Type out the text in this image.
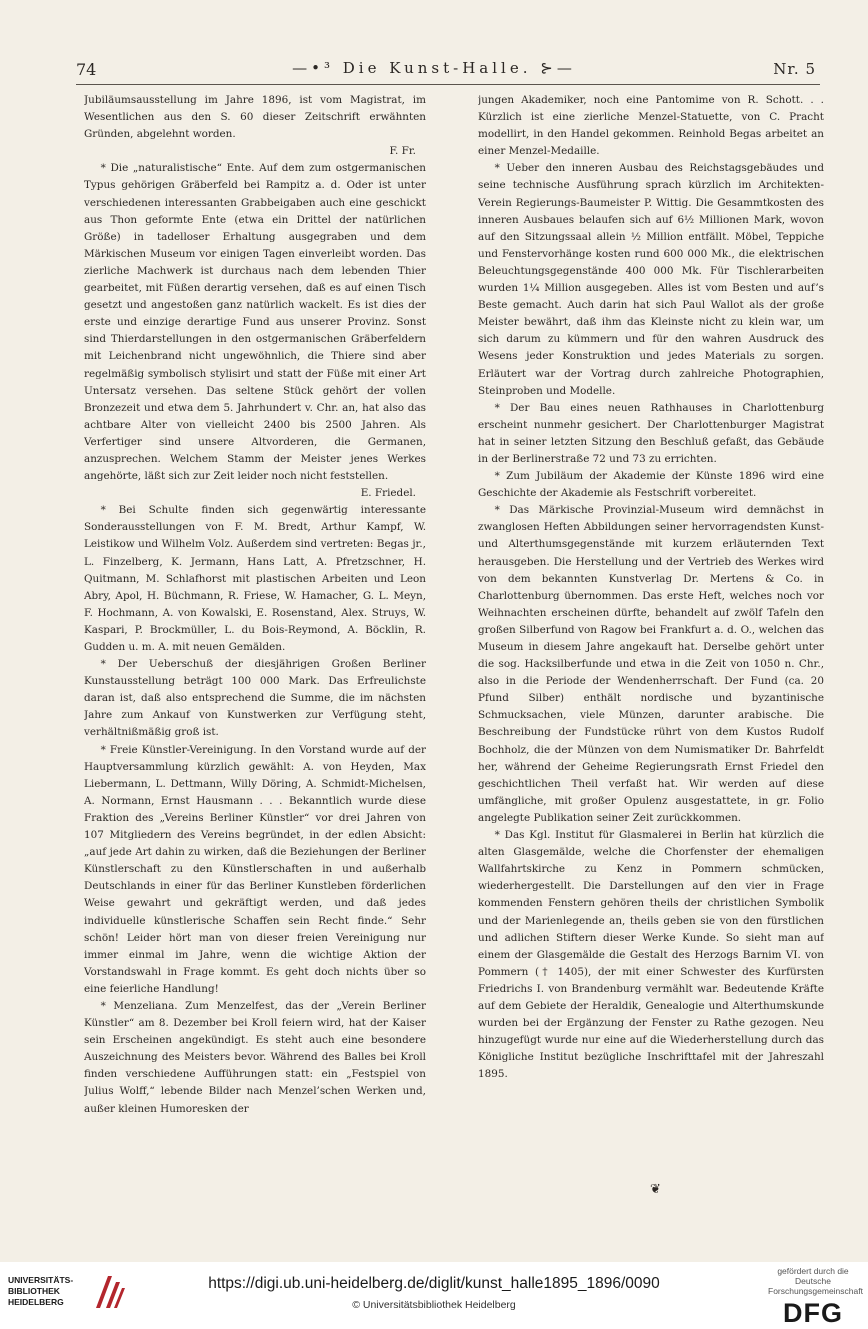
74	—•³ Die Kunst-Halle. ⊱—	Nr. 5

Jubiläumsausstellung im Jahre 1896, ist vom Magistrat, im Wesentlichen aus den S. 60 dieser Zeitschrift erwähnten Gründen, abgelehnt worden.

F. Fr.

* Die „naturalistische“ Ente. Auf dem zum ostgermanischen Typus gehörigen Gräberfeld bei Rampitz a. d. Oder ist unter verschiedenen interessanten Grabbeigaben auch eine geschickt aus Thon geformte Ente (etwa ein Drittel der natürlichen Größe) in tadelloser Erhaltung ausgegraben und dem Märkischen Museum vor einigen Tagen einverleibt worden. Das zierliche Machwerk ist durchaus nach dem lebenden Thier gearbeitet, mit Füßen derartig versehen, daß es auf einen Tisch gesetzt und angestoßen ganz natürlich wackelt. Es ist dies der erste und einzige derartige Fund aus unserer Provinz. Sonst sind Thierdarstellungen in den ostgermanischen Gräberfeldern mit Leichenbrand nicht ungewöhnlich, die Thiere sind aber regelmäßig symbolisch stylisirt und statt der Füße mit einer Art Untersatz versehen. Das seltene Stück gehört der vollen Bronzezeit und etwa dem 5. Jahrhundert v. Chr. an, hat also das achtbare Alter von vielleicht 2400 bis 2500 Jahren. Als Verfertiger sind unsere Altvorderen, die Germanen, anzusprechen. Welchem Stamm der Meister jenes Werkes angehörte, läßt sich zur Zeit leider noch nicht feststellen.

E. Friedel.

* Bei Schulte finden sich gegenwärtig interessante Sonderausstellungen von F. M. Bredt, Arthur Kampf, W. Leistikow und Wilhelm Volz. Außerdem sind vertreten: Begas jr., L. Finzelberg, K. Jermann, Hans Latt, A. Pfretzschner, H. Quitmann, M. Schlafhorst mit plastischen Arbeiten und Leon Abry, Apol, H. Büchmann, R. Friese, W. Hamacher, G. L. Meyn, F. Hochmann, A. von Kowalski, E. Rosenstand, Alex. Struys, W. Kaspari, P. Brockmüller, L. du Bois-Reymond, A. Böcklin, R. Gudden u. m. A. mit neuen Gemälden.

* Der Ueberschuß der diesjährigen Großen Berliner Kunstausstellung beträgt 100 000 Mark. Das Erfreulichste daran ist, daß also entsprechend die Summe, die im nächsten Jahre zum Ankauf von Kunstwerken zur Verfügung steht, verhältnißmäßig groß ist.

* Freie Künstler-Vereinigung. In den Vorstand wurde auf der Hauptversammlung kürzlich gewählt: A. von Heyden, Max Liebermann, L. Dettmann, Willy Döring, A. Schmidt-Michelsen, A. Normann, Ernst Hausmann . . . Bekanntlich wurde diese Fraktion des „Vereins Berliner Künstler“ vor drei Jahren von 107 Mitgliedern des Vereins begründet, in der edlen Absicht: „auf jede Art dahin zu wirken, daß die Beziehungen der Berliner Künstlerschaft zu den Künstlerschaften in und außerhalb Deutschlands in einer für das Berliner Kunstleben förderlichen Weise gewahrt und gekräftigt werden, und daß jedes individuelle künstlerische Schaffen sein Recht finde.“ Sehr schön! Leider hört man von dieser freien Vereinigung nur immer einmal im Jahre, wenn die wichtige Aktion der Vorstandswahl in Frage kommt. Es geht doch nichts über so eine feierliche Handlung!

* Menzeliana. Zum Menzelfest, das der „Verein Berliner Künstler“ am 8. Dezember bei Kroll feiern wird, hat der Kaiser sein Erscheinen angekündigt. Es steht auch eine besondere Auszeichnung des Meisters bevor. Während des Balles bei Kroll finden verschiedene Aufführungen statt: ein „Festspiel von Julius Wolff,“ lebende Bilder nach Menzel’schen Werken und, außer kleinen Humoresken der

jungen Akademiker, noch eine Pantomime von R. Schott. . . Kürzlich ist eine zierliche Menzel-Statuette, von C. Pracht modellirt, in den Handel gekommen. Reinhold Begas arbeitet an einer Menzel-Medaille.

* Ueber den inneren Ausbau des Reichstagsgebäudes und seine technische Ausführung sprach kürzlich im Architekten-Verein Regierungs-Baumeister P. Wittig. Die Gesammtkosten des inneren Ausbaues belaufen sich auf 6½ Millionen Mark, wovon auf den Sitzungssaal allein ½ Million entfällt. Möbel, Teppiche und Fenstervorhänge kosten rund 600 000 Mk., die elektrischen Beleuchtungsgegenstände 400 000 Mk. Für Tischlerarbeiten wurden 1¼ Million ausgegeben. Alles ist vom Besten und auf’s Beste gemacht. Auch darin hat sich Paul Wallot als der große Meister bewährt, daß ihm das Kleinste nicht zu klein war, um sich darum zu kümmern und für den wahren Ausdruck des Wesens jeder Konstruktion und jedes Materials zu sorgen. Erläutert war der Vortrag durch zahlreiche Photographien, Steinproben und Modelle.

* Der Bau eines neuen Rathhauses in Charlottenburg erscheint nunmehr gesichert. Der Charlottenburger Magistrat hat in seiner letzten Sitzung den Beschluß gefaßt, das Gebäude in der Berlinerstraße 72 und 73 zu errichten.

* Zum Jubiläum der Akademie der Künste 1896 wird eine Geschichte der Akademie als Festschrift vorbereitet.

* Das Märkische Provinzial-Museum wird demnächst in zwanglosen Heften Abbildungen seiner hervorragendsten Kunst- und Alterthumsgegenstände mit kurzem erläuternden Text herausgeben. Die Herstellung und der Vertrieb des Werkes wird von dem bekannten Kunstverlag Dr. Mertens & Co. in Charlottenburg übernommen. Das erste Heft, welches noch vor Weihnachten erscheinen dürfte, behandelt auf zwölf Tafeln den großen Silberfund von Ragow bei Frankfurt a. d. O., welchen das Museum in diesem Jahre angekauft hat. Derselbe gehört unter die sog. Hacksilberfunde und etwa in die Zeit von 1050 n. Chr., also in die Periode der Wendenherrschaft. Der Fund (ca. 20 Pfund Silber) enthält nordische und byzantinische Schmucksachen, viele Münzen, darunter arabische. Die Beschreibung der Fundstücke rührt von dem Kustos Rudolf Bochholz, die der Münzen von dem Numismatiker Dr. Bahrfeldt her, während der Geheime Regierungsrath Ernst Friedel den geschichtlichen Theil verfaßt hat. Wir werden auf diese umfängliche, mit großer Opulenz ausgestattete, in gr. Folio angelegte Publikation seiner Zeit zurückkommen.

* Das Kgl. Institut für Glasmalerei in Berlin hat kürzlich die alten Glasgemälde, welche die Chorfenster der ehemaligen Wallfahrtskirche zu Kenz in Pommern schmücken, wiederhergestellt. Die Darstellungen auf den vier in Frage kommenden Fenstern gehören theils der christlichen Symbolik und der Marienlegende an, theils geben sie von den fürstlichen und adlichen Stiftern dieser Werke Kunde. So sieht man auf einem der Glasgemälde die Gestalt des Herzogs Barnim VI. von Pommern († 1405), der mit einer Schwester des Kurfürsten Friedrichs I. von Brandenburg vermählt war. Bedeutende Kräfte auf dem Gebiete der Heraldik, Genealogie und Alterthumskunde wurden bei der Ergänzung der Fenster zu Rathe gezogen. Neu hinzugefügt wurde nur eine auf die Wiederherstellung durch das Königliche Institut bezügliche Inschrifttafel mit der Jahreszahl 1895.

❦
UNIVERSITÄTS-
BIBLIOTHEK
HEIDELBERG
https://digi.ub.uni-heidelberg.de/diglit/kunst_halle1895_1896/0090
© Universitätsbibliothek Heidelberg
gefördert durch die
Deutsche
Forschungsgemeinschaft
DFG
